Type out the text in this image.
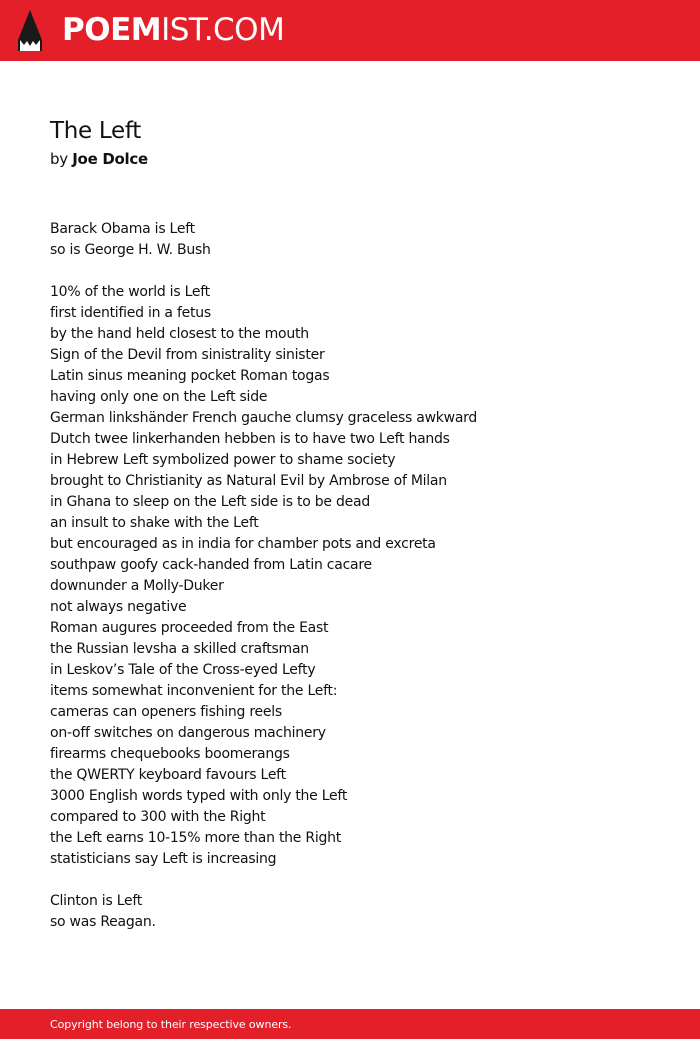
POEMIST.COM
The Left
by Joe Dolce
Barack Obama is Left
so is George H. W. Bush
10% of the world is Left
first identified in a fetus
by the hand held closest to the mouth
Sign of the Devil from sinistrality sinister
Latin sinus meaning pocket Roman togas
having only one on the Left side
German linkshänder French gauche clumsy graceless awkward
Dutch twee linkerhanden hebben is to have two Left hands
in Hebrew Left symbolized power to shame society
brought to Christianity as Natural Evil by Ambrose of Milan
in Ghana to sleep on the Left side is to be dead
an insult to shake with the Left
but encouraged as in india for chamber pots and excreta
southpaw goofy cack-handed from Latin cacare
downunder a Molly-Duker
not always negative
Roman augures proceeded from the East
the Russian levsha a skilled craftsman
in Leskov’s Tale of the Cross-eyed Lefty
items somewhat inconvenient for the Left:
cameras can openers fishing reels
on-off switches on dangerous machinery
firearms chequebooks boomerangs
the QWERTY keyboard favours Left
3000 English words typed with only the Left
compared to 300 with the Right
the Left earns 10-15% more than the Right
statisticians say Left is increasing
Clinton is Left
so was Reagan.
Copyright belong to their respective owners.
